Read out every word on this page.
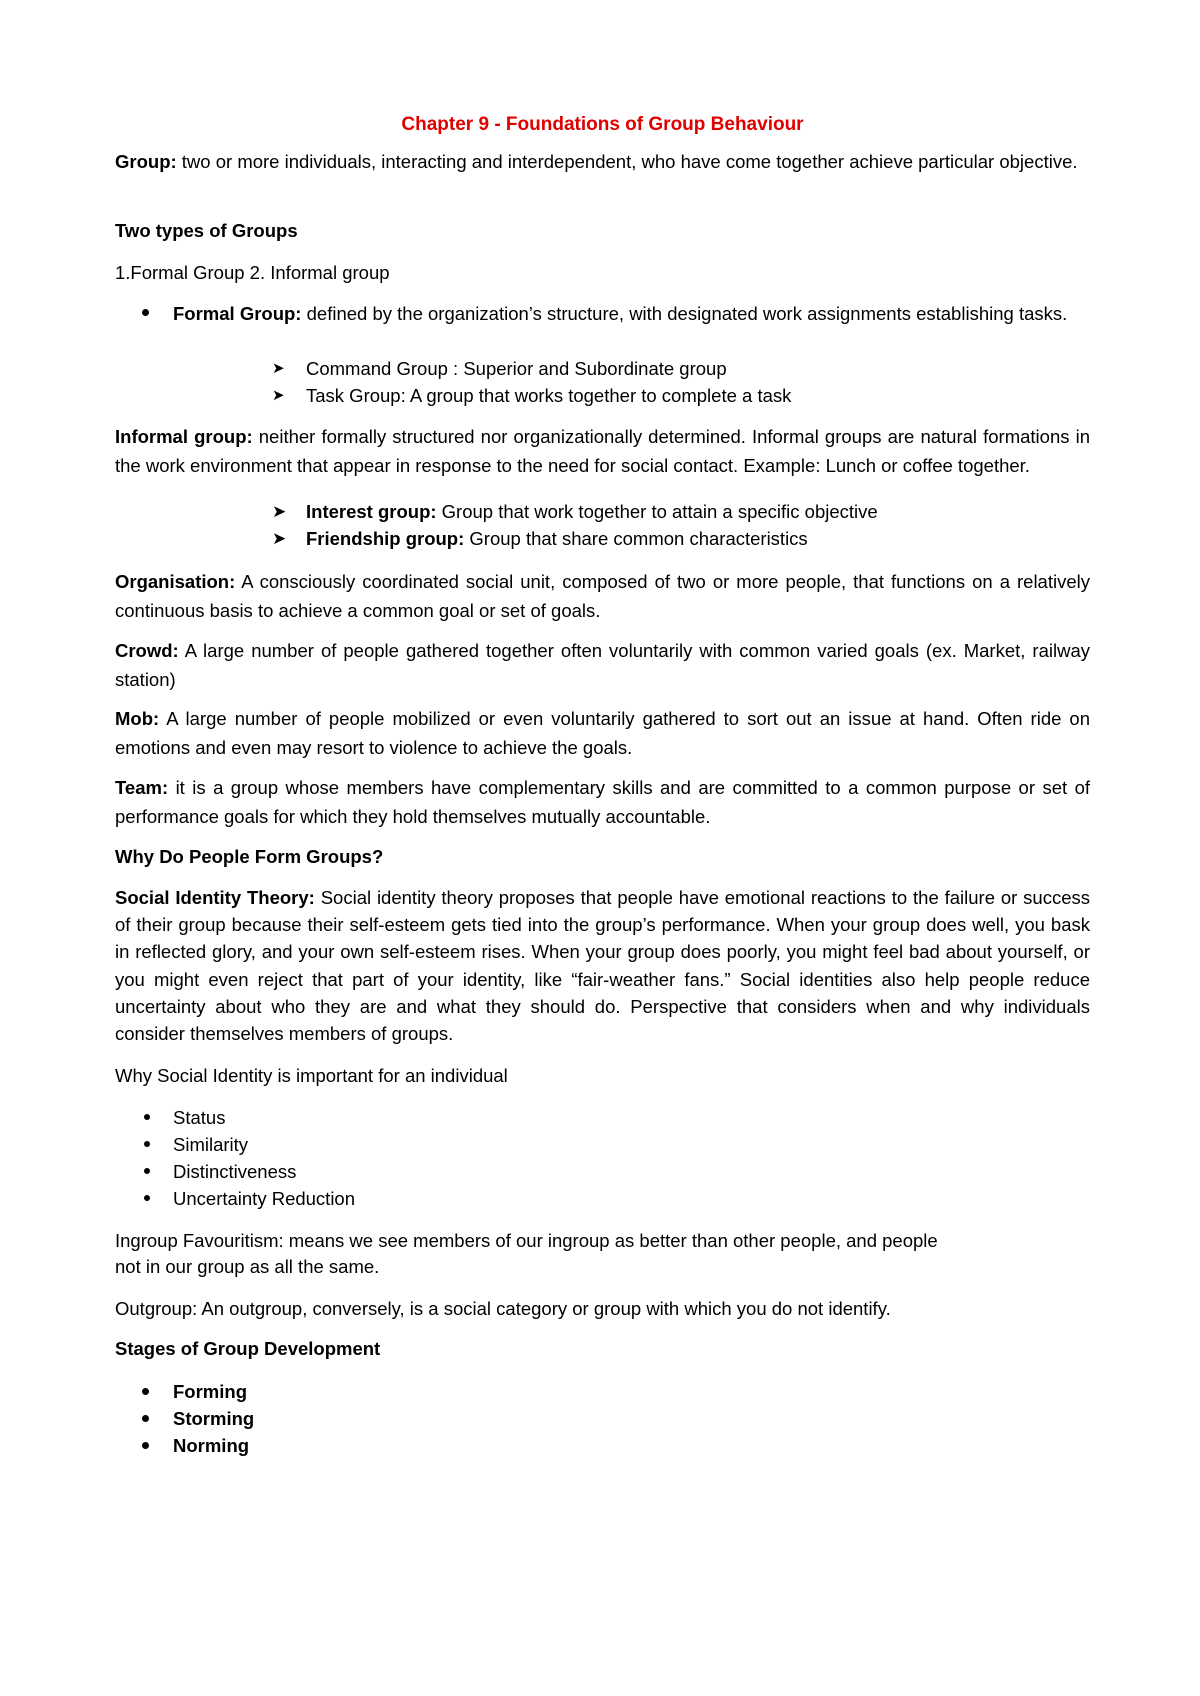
Chapter 9 - Foundations of Group Behaviour
Group: two or more individuals, interacting and interdependent, who have come together achieve particular objective.
Two types of Groups
1.Formal Group 2. Informal group
Formal Group: defined by the organization’s structure, with designated work assignments establishing tasks.
➤ Command Group : Superior and Subordinate group
➤ Task Group: A group that works together to complete a task
Informal group: neither formally structured nor organizationally determined. Informal groups are natural formations in the work environment that appear in response to the need for social contact. Example: Lunch or coffee together.
➤ Interest group: Group that work together to attain a specific objective
➤ Friendship group: Group that share common characteristics
Organisation: A consciously coordinated social unit, composed of two or more people, that functions on a relatively continuous basis to achieve a common goal or set of goals.
Crowd: A large number of people gathered together often voluntarily with common varied goals (ex. Market, railway station)
Mob: A large number of people mobilized or even voluntarily gathered to sort out an issue at hand. Often ride on emotions and even may resort to violence to achieve the goals.
Team: it is a group whose members have complementary skills and are committed to a common purpose or set of performance goals for which they hold themselves mutually accountable.
Why Do People Form Groups?
Social Identity Theory: Social identity theory proposes that people have emotional reactions to the failure or success of their group because their self-esteem gets tied into the group’s performance. When your group does well, you bask in reflected glory, and your own self-esteem rises. When your group does poorly, you might feel bad about yourself, or you might even reject that part of your identity, like “fair-weather fans.” Social identities also help people reduce uncertainty about who they are and what they should do. Perspective that considers when and why individuals consider themselves members of groups.
Why Social Identity is important for an individual
Status
Similarity
Distinctiveness
Uncertainty Reduction
Ingroup Favouritism: means we see members of our ingroup as better than other people, and people
not in our group as all the same.
Outgroup: An outgroup, conversely, is a social category or group with which you do not identify.
Stages of Group Development
Forming
Storming
Norming
